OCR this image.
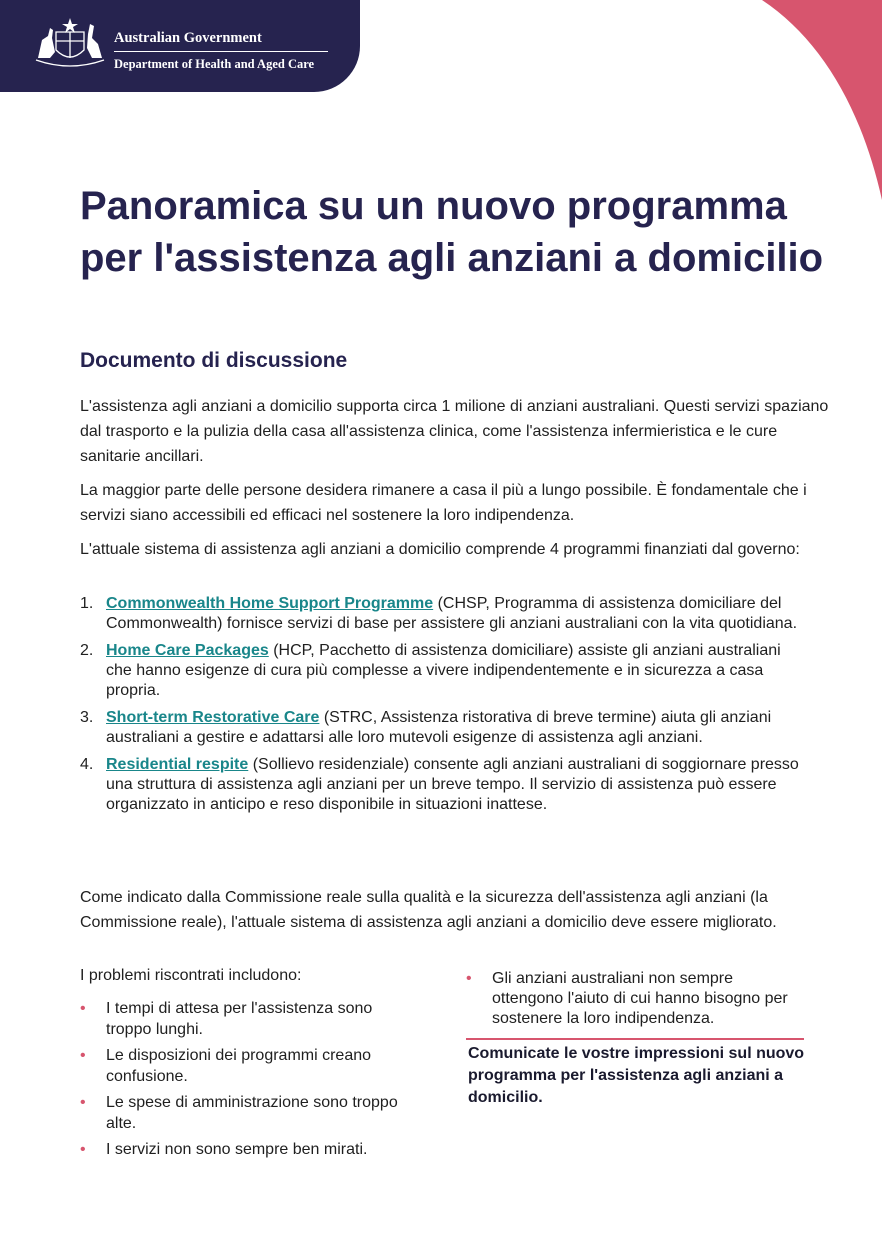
Australian Government
Department of Health and Aged Care
Panoramica su un nuovo programma per l'assistenza agli anziani a domicilio
Documento di discussione

L'assistenza agli anziani a domicilio supporta circa 1 milione di anziani australiani. Questi servizi spaziano dal trasporto e la pulizia della casa all'assistenza clinica, come l'assistenza infermieristica e le cure sanitarie ancillari.

La maggior parte delle persone desidera rimanere a casa il più a lungo possibile. È fondamentale che i servizi siano accessibili ed efficaci nel sostenere la loro indipendenza.

L'attuale sistema di assistenza agli anziani a domicilio comprende 4 programmi finanziati dal governo:

1. Commonwealth Home Support Programme (CHSP, Programma di assistenza domiciliare del Commonwealth) fornisce servizi di base per assistere gli anziani australiani con la vita quotidiana.
2. Home Care Packages (HCP, Pacchetto di assistenza domiciliare) assiste gli anziani australiani che hanno esigenze di cura più complesse a vivere indipendentemente e in sicurezza a casa propria.
3. Short-term Restorative Care (STRC, Assistenza ristorativa di breve termine) aiuta gli anziani australiani a gestire e adattarsi alle loro mutevoli esigenze di assistenza agli anziani.
4. Residential respite (Sollievo residenziale) consente agli anziani australiani di soggiornare presso una struttura di assistenza agli anziani per un breve tempo. Il servizio di assistenza può essere organizzato in anticipo e reso disponibile in situazioni inattese.

Come indicato dalla Commissione reale sulla qualità e la sicurezza dell'assistenza agli anziani (la Commissione reale), l'attuale sistema di assistenza agli anziani a domicilio deve essere migliorato.

I problemi riscontrati includono:

• I tempi di attesa per l'assistenza sono troppo lunghi.
• Le disposizioni dei programmi creano confusione.
• Le spese di amministrazione sono troppo alte.
• I servizi non sono sempre ben mirati.
• Gli anziani australiani non sempre ottengono l'aiuto di cui hanno bisogno per sostenere la loro indipendenza.

Comunicate le vostre impressioni sul nuovo programma per l'assistenza agli anziani a domicilio.
